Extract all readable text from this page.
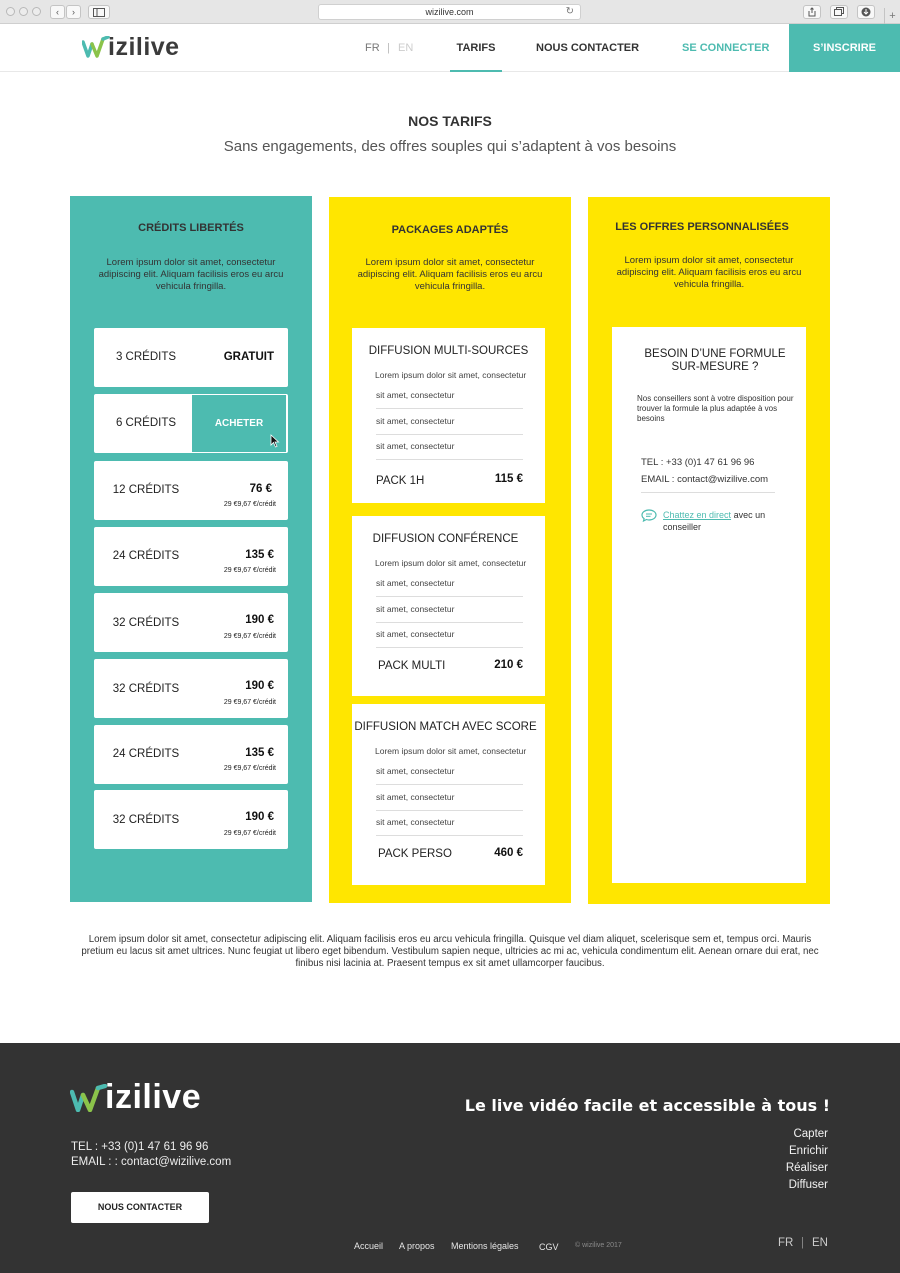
‹	›	wizilive.com	↻	+
izilive	FR | EN	TARIFS	NOUS CONTACTER	SE CONNECTER	S’INSCRIRE
NOS TARIFS
Sans engagements, des offres souples qui s’adaptent à vos besoins
CRÉDITS LIBERTÉS
Lorem ipsum dolor sit amet, consectetur adipiscing elit. Aliquam facilisis eros eu arcu vehicula fringilla.
3 CRÉDITS	GRATUIT
6 CRÉDITS	ACHETER
12 CRÉDITS	76 €
29 €9,67 €/crédit
24 CRÉDITS	135 €
29 €9,67 €/crédit
32 CRÉDITS	190 €
29 €9,67 €/crédit
32 CRÉDITS	190 €
29 €9,67 €/crédit
24 CRÉDITS	135 €
29 €9,67 €/crédit
32 CRÉDITS	190 €
29 €9,67 €/crédit
PACKAGES ADAPTÉS
Lorem ipsum dolor sit amet, consectetur adipiscing elit. Aliquam facilisis eros eu arcu vehicula fringilla.
DIFFUSION MULTI-SOURCES
Lorem ipsum dolor sit amet, consectetur
sit amet, consectetur
sit amet, consectetur
sit amet, consectetur
PACK 1H	115 €
DIFFUSION CONFÉRENCE
Lorem ipsum dolor sit amet, consectetur
sit amet, consectetur
sit amet, consectetur
sit amet, consectetur
PACK MULTI	210 €
DIFFUSION MATCH AVEC SCORE
Lorem ipsum dolor sit amet, consectetur
sit amet, consectetur
sit amet, consectetur
sit amet, consectetur
PACK PERSO	460 €
LES OFFRES PERSONNALISÉES
Lorem ipsum dolor sit amet, consectetur adipiscing elit. Aliquam facilisis eros eu arcu vehicula fringilla.
BESOIN D’UNE FORMULE SUR-MESURE ?
Nos conseillers sont à votre disposition pour trouver la formule la plus adaptée à vos besoins
TEL : +33 (0)1 47 61 96 96
EMAIL : contact@wizilive.com
Chattez en direct avec un conseiller
Lorem ipsum dolor sit amet, consectetur adipiscing elit. Aliquam facilisis eros eu arcu vehicula fringilla. Quisque vel diam aliquet, scelerisque sem et, tempus orci. Mauris pretium eu lacus sit amet ultrices. Nunc feugiat ut libero eget bibendum. Vestibulum sapien neque, ultricies ac mi ac, vehicula condimentum elit. Aenean ornare dui erat, nec finibus nisi lacinia at. Praesent tempus ex sit amet ullamcorper faucibus.
izilive
TEL : +33 (0)1 47 61 96 96
EMAIL : : contact@wizilive.com
NOUS CONTACTER
Le live vidéo facile et accessible à tous !
Capter
Enrichir
Réaliser
Diffuser
Accueil A propos Mentions légales CGV © wizilive 2017	FR | EN
